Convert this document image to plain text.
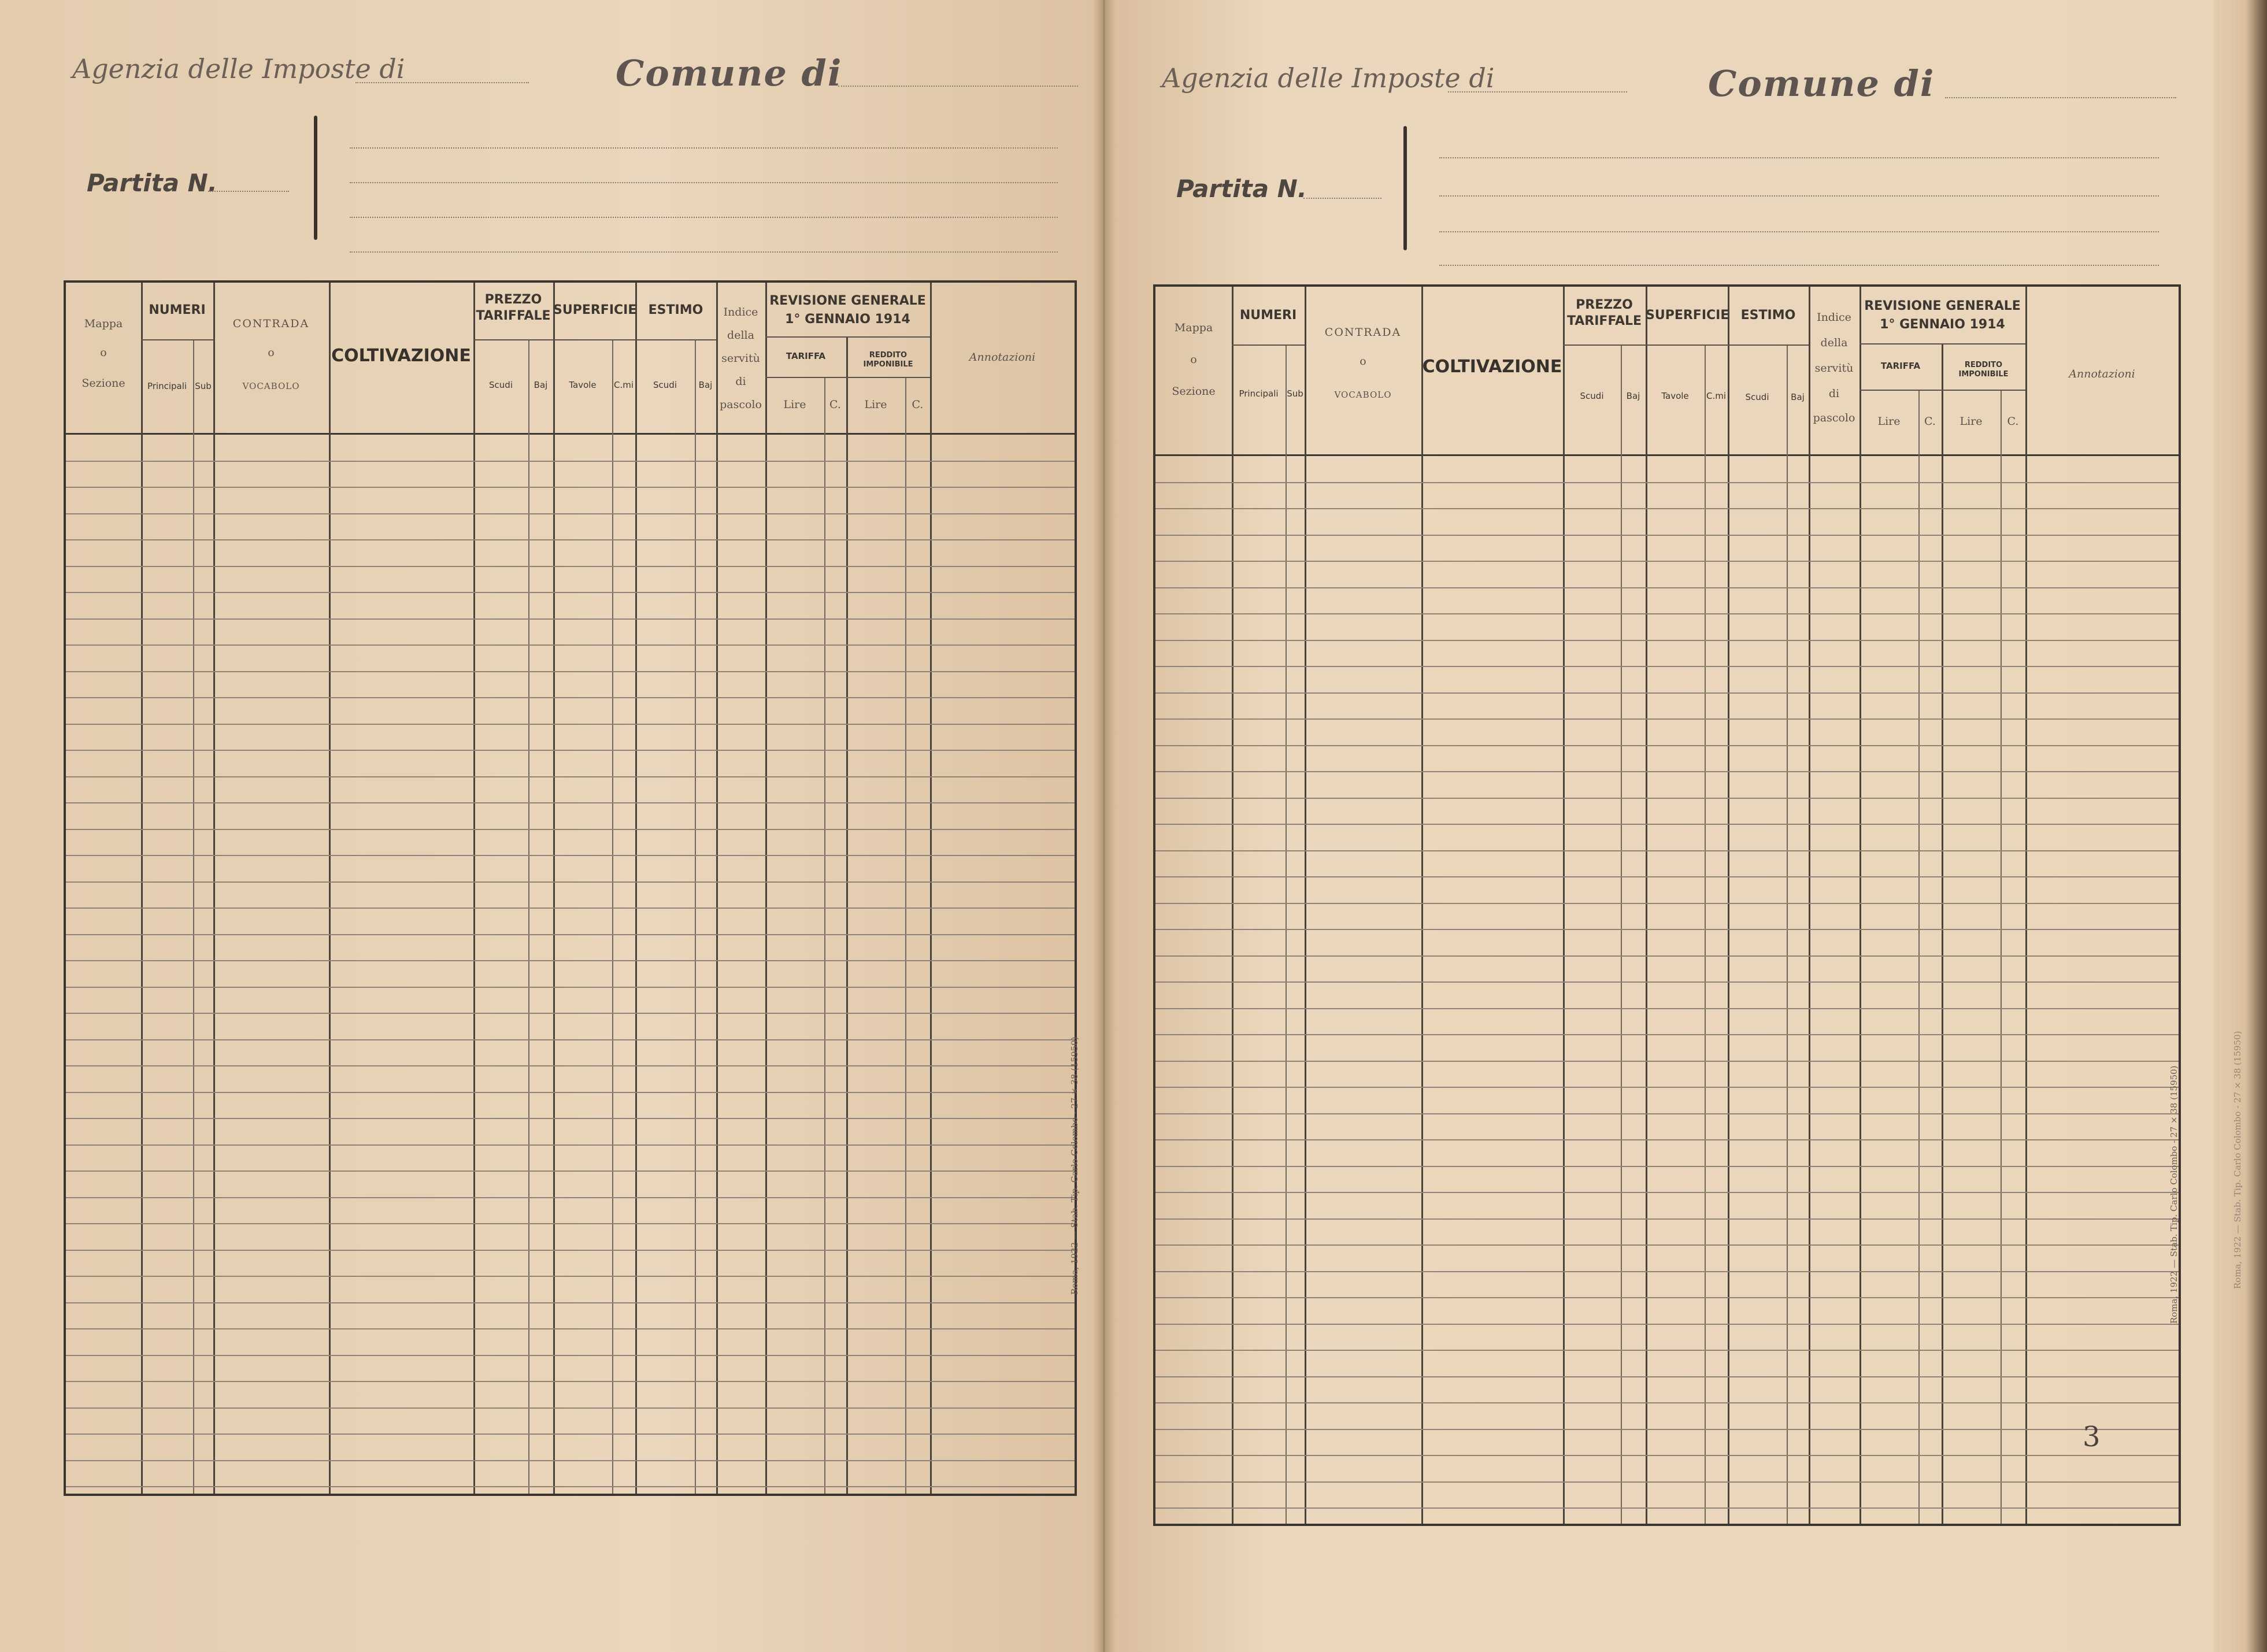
Agenzia delle Imposte di	Comune di
Partita N.
Mappa
o
Sezione
NUMERI
Principali Sub
CONTRADA
o
VOCABOLO
COLTIVAZIONE
PREZZO TARIFFALE
Scudi	Baj
SUPERFICIE
Tavole	C.mi
ESTIMO
Scudi	Baj
Indice
della
servitù
di
pascolo
REVISIONE GENERALE
1° GENNAIO 1914
TARIFFA	REDDITO IMPONIBILE
Lire	C.	Lire	C.
Annotazioni
Roma, 1922 — Stab. Tip. Carlo Colombo - 27 × 38 (15950)
Agenzia delle Imposte di	Comune di
Partita N.
Mappa
o
Sezione
NUMERI
Principali Sub
CONTRADA
o
VOCABOLO
COLTIVAZIONE
PREZZO TARIFFALE
Scudi	Baj
SUPERFICIE
Tavole	C.mi
ESTIMO
Scudi	Baj
Indice
della
servitù
di
pascolo
REVISIONE GENERALE
1° GENNAIO 1914
TARIFFA	REDDITO IMPONIBILE
Lire	C.	Lire	C.
Annotazioni
Roma, 1922 — Stab. Tip. Carlo Colombo - 27 × 38 (15950)	Roma, 1922 — Stab. Tip. Carlo Colombo - 27 × 38 (15950)
3
